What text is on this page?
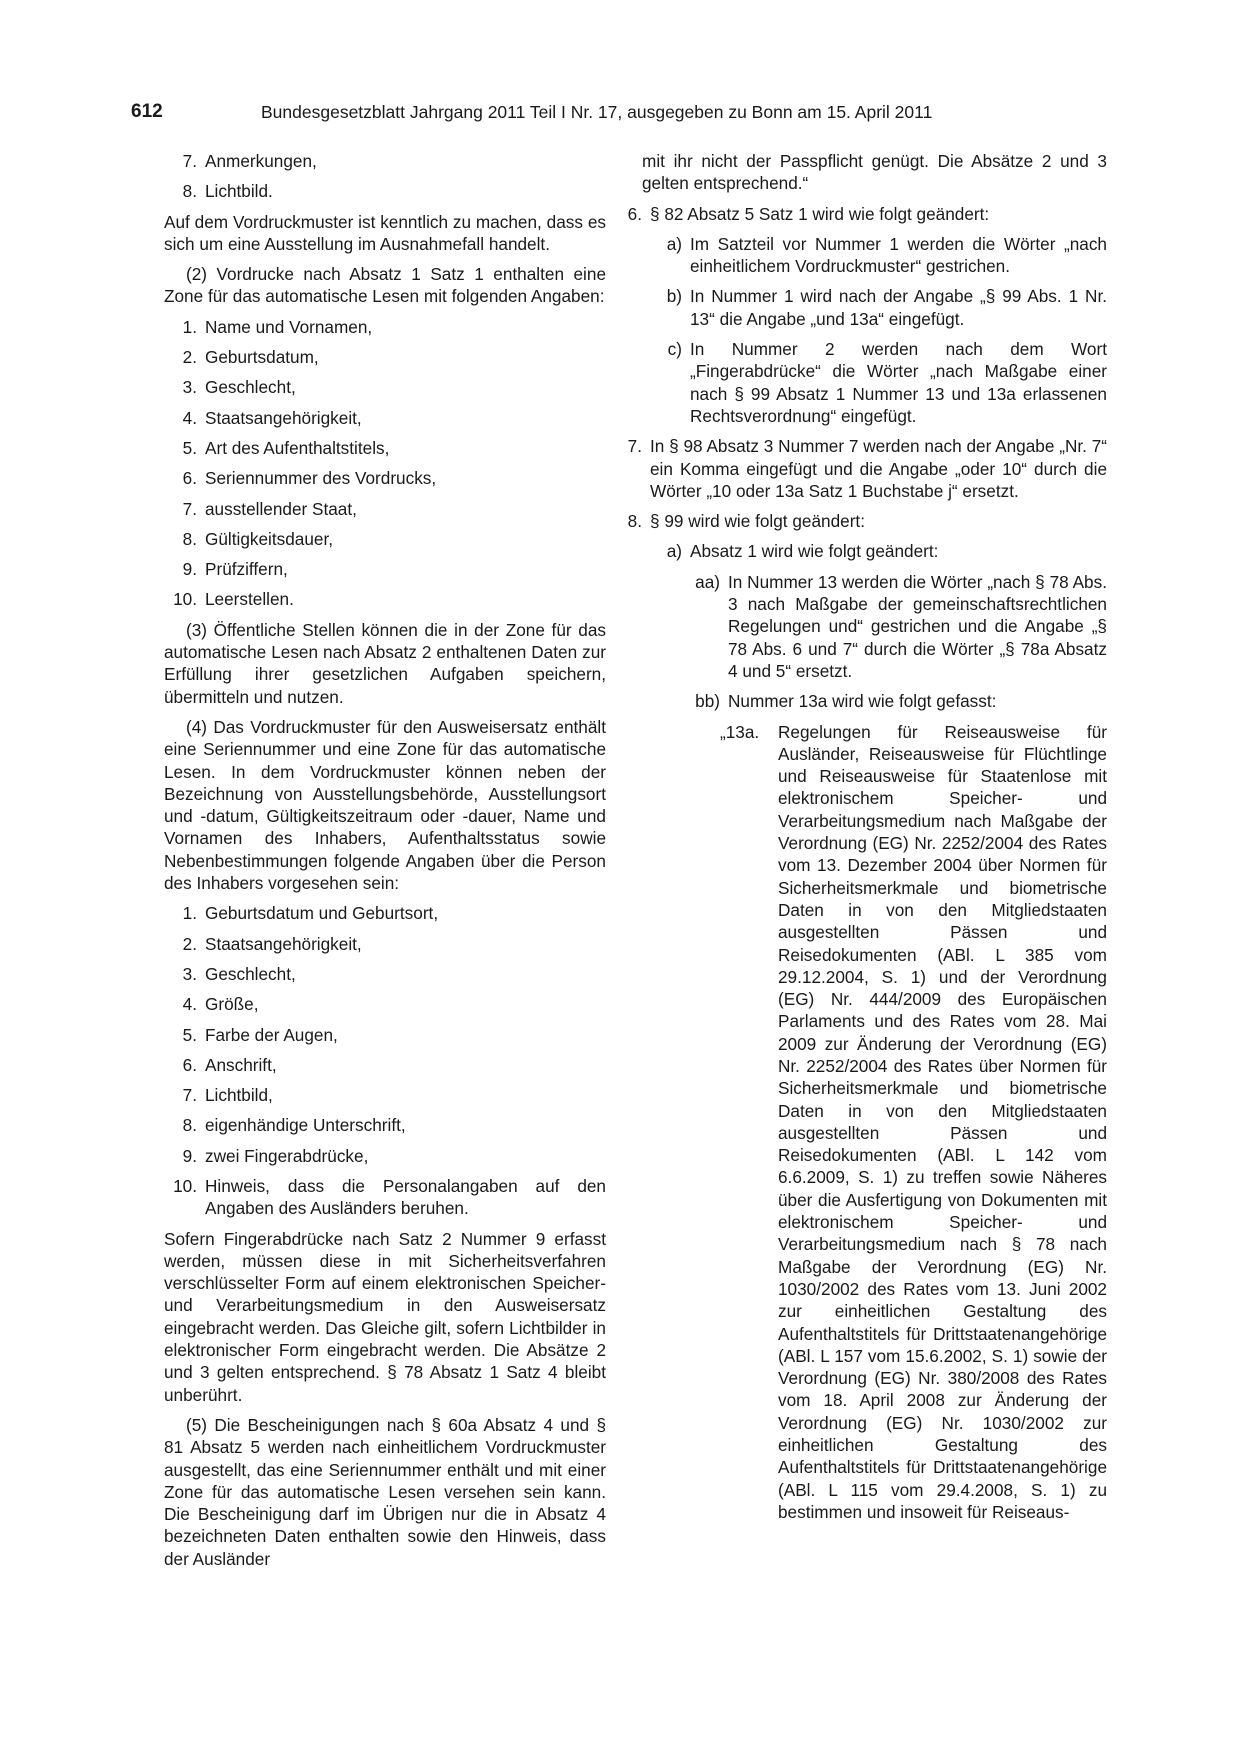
612	Bundesgesetzblatt Jahrgang 2011 Teil I Nr. 17, ausgegeben zu Bonn am 15. April 2011
7. Anmerkungen,
8. Lichtbild.

Auf dem Vordruckmuster ist kenntlich zu machen, dass es sich um eine Ausstellung im Ausnahmefall handelt.

(2) Vordrucke nach Absatz 1 Satz 1 enthalten eine Zone für das automatische Lesen mit folgenden Angaben:

1. Name und Vornamen,
2. Geburtsdatum,
3. Geschlecht,
4. Staatsangehörigkeit,
5. Art des Aufenthaltstitels,
6. Seriennummer des Vordrucks,
7. ausstellender Staat,
8. Gültigkeitsdauer,
9. Prüfziffern,
10. Leerstellen.

(3) Öffentliche Stellen können die in der Zone für das automatische Lesen nach Absatz 2 enthaltenen Daten zur Erfüllung ihrer gesetzlichen Aufgaben speichern, übermitteln und nutzen.

(4) Das Vordruckmuster für den Ausweisersatz enthält eine Seriennummer und eine Zone für das automatische Lesen. In dem Vordruckmuster können neben der Bezeichnung von Ausstellungsbehörde, Ausstellungsort und -datum, Gültigkeitszeitraum oder -dauer, Name und Vornamen des Inhabers, Aufenthaltsstatus sowie Nebenbestimmungen folgende Angaben über die Person des Inhabers vorgesehen sein:

1. Geburtsdatum und Geburtsort,
2. Staatsangehörigkeit,
3. Geschlecht,
4. Größe,
5. Farbe der Augen,
6. Anschrift,
7. Lichtbild,
8. eigenhändige Unterschrift,
9. zwei Fingerabdrücke,
10. Hinweis, dass die Personalangaben auf den Angaben des Ausländers beruhen.

Sofern Fingerabdrücke nach Satz 2 Nummer 9 erfasst werden, müssen diese in mit Sicherheitsverfahren verschlüsselter Form auf einem elektronischen Speicher- und Verarbeitungsmedium in den Ausweisersatz eingebracht werden. Das Gleiche gilt, sofern Lichtbilder in elektronischer Form eingebracht werden. Die Absätze 2 und 3 gelten entsprechend. § 78 Absatz 1 Satz 4 bleibt unberührt.

(5) Die Bescheinigungen nach § 60a Absatz 4 und § 81 Absatz 5 werden nach einheitlichem Vordruckmuster ausgestellt, das eine Seriennummer enthält und mit einer Zone für das automatische Lesen versehen sein kann. Die Bescheinigung darf im Übrigen nur die in Absatz 4 bezeichneten Daten enthalten sowie den Hinweis, dass der Ausländer

mit ihr nicht der Passpflicht genügt. Die Absätze 2 und 3 gelten entsprechend.“

6. § 82 Absatz 5 Satz 1 wird wie folgt geändert:
a) Im Satzteil vor Nummer 1 werden die Wörter „nach einheitlichem Vordruckmuster“ gestrichen.
b) In Nummer 1 wird nach der Angabe „§ 99 Abs. 1 Nr. 13“ die Angabe „und 13a“ eingefügt.
c) In Nummer 2 werden nach dem Wort „Fingerabdrücke“ die Wörter „nach Maßgabe einer nach § 99 Absatz 1 Nummer 13 und 13a erlassenen Rechtsverordnung“ eingefügt.
7. In § 98 Absatz 3 Nummer 7 werden nach der Angabe „Nr. 7“ ein Komma eingefügt und die Angabe „oder 10“ durch die Wörter „10 oder 13a Satz 1 Buchstabe j“ ersetzt.
8. § 99 wird wie folgt geändert:
a) Absatz 1 wird wie folgt geändert:
aa) In Nummer 13 werden die Wörter „nach § 78 Abs. 3 nach Maßgabe der gemeinschaftsrechtlichen Regelungen und“ gestrichen und die Angabe „§ 78 Abs. 6 und 7“ durch die Wörter „§ 78a Absatz 4 und 5“ ersetzt.
bb) Nummer 13a wird wie folgt gefasst:
„13a.	Regelungen für Reiseausweise für Ausländer, Reiseausweise für Flüchtlinge und Reiseausweise für Staatenlose mit elektronischem Speicher- und Verarbeitungsmedium nach Maßgabe der Verordnung (EG) Nr. 2252/2004 des Rates vom 13. Dezember 2004 über Normen für Sicherheitsmerkmale und biometrische Daten in von den Mitgliedstaaten ausgestellten Pässen und Reisedokumenten (ABl. L 385 vom 29.12.2004, S. 1) und der Verordnung (EG) Nr. 444/2009 des Europäischen Parlaments und des Rates vom 28. Mai 2009 zur Änderung der Verordnung (EG) Nr. 2252/2004 des Rates über Normen für Sicherheitsmerkmale und biometrische Daten in von den Mitgliedstaaten ausgestellten Pässen und Reisedokumenten (ABl. L 142 vom 6.6.2009, S. 1) zu treffen sowie Näheres über die Ausfertigung von Dokumenten mit elektronischem Speicher- und Verarbeitungsmedium nach § 78 nach Maßgabe der Verordnung (EG) Nr. 1030/2002 des Rates vom 13. Juni 2002 zur einheitlichen Gestaltung des Aufenthaltstitels für Drittstaatenangehörige (ABl. L 157 vom 15.6.2002, S. 1) sowie der Verordnung (EG) Nr. 380/2008 des Rates vom 18. April 2008 zur Änderung der Verordnung (EG) Nr. 1030/2002 zur einheitlichen Gestaltung des Aufenthaltstitels für Drittstaatenangehörige (ABl. L 115 vom 29.4.2008, S. 1) zu bestimmen und insoweit für Reiseaus-
